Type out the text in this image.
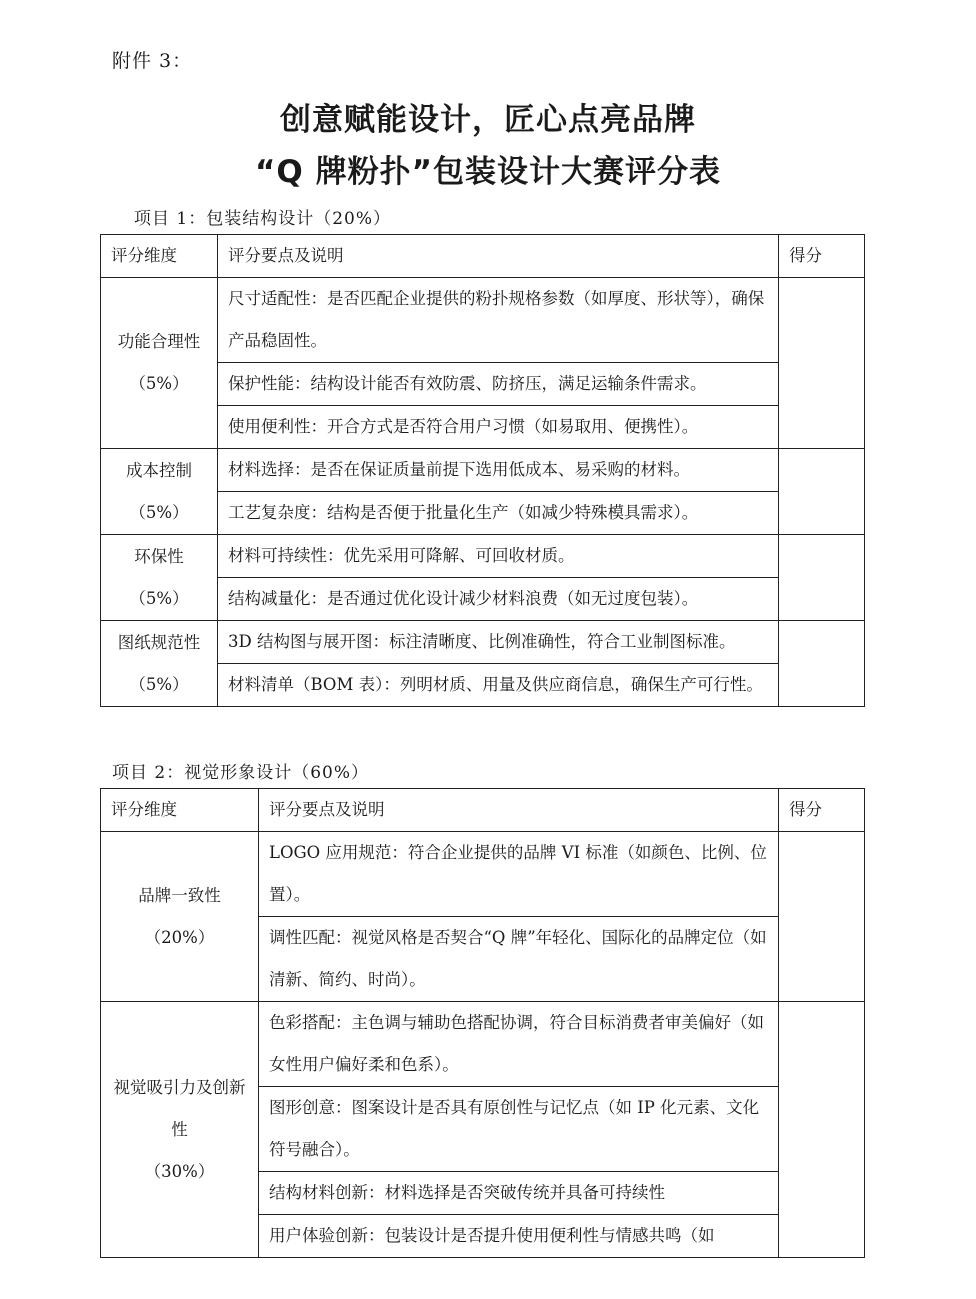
附件 3：
创意赋能设计，匠心点亮品牌
“Q 牌粉扑”包装设计大赛评分表
项目 1：包装结构设计（20%）
评分维度	评分要点及说明	得分

功能合理性
（5%）	尺寸适配性：是否匹配企业提供的粉扑规格参数（如厚度、形状等），确保产品稳固性。	
	保护性能：结构设计能否有效防震、防挤压，满足运输条件需求。	
	使用便利性：开合方式是否符合用户习惯（如易取用、便携性）。	

成本控制
（5%）	材料选择：是否在保证质量前提下选用低成本、易采购的材料。	
	工艺复杂度：结构是否便于批量化生产（如减少特殊模具需求）。	

环保性
（5%）	材料可持续性：优先采用可降解、可回收材质。	
	结构减量化：是否通过优化设计减少材料浪费（如无过度包装）。	

图纸规范性
（5%）	3D 结构图与展开图：标注清晰度、比例准确性，符合工业制图标准。	
	材料清单（BOM 表）：列明材质、用量及供应商信息，确保生产可行性。	
项目 2：视觉形象设计（60%）
评分维度	评分要点及说明	得分

品牌一致性
（20%）	LOGO 应用规范：符合企业提供的品牌 VI 标准（如颜色、比例、位置）。	
	调性匹配：视觉风格是否契合“Q 牌”年轻化、国际化的品牌定位（如清新、简约、时尚）。	

视觉吸引力及创新性
（30%）	色彩搭配：主色调与辅助色搭配协调，符合目标消费者审美偏好（如女性用户偏好柔和色系）。	
	图形创意：图案设计是否具有原创性与记忆点（如 IP 化元素、文化符号融合）。	
	结构材料创新：材料选择是否突破传统并具备可持续性	
	用户体验创新：包装设计是否提升使用便利性与情感共鸣（如	
